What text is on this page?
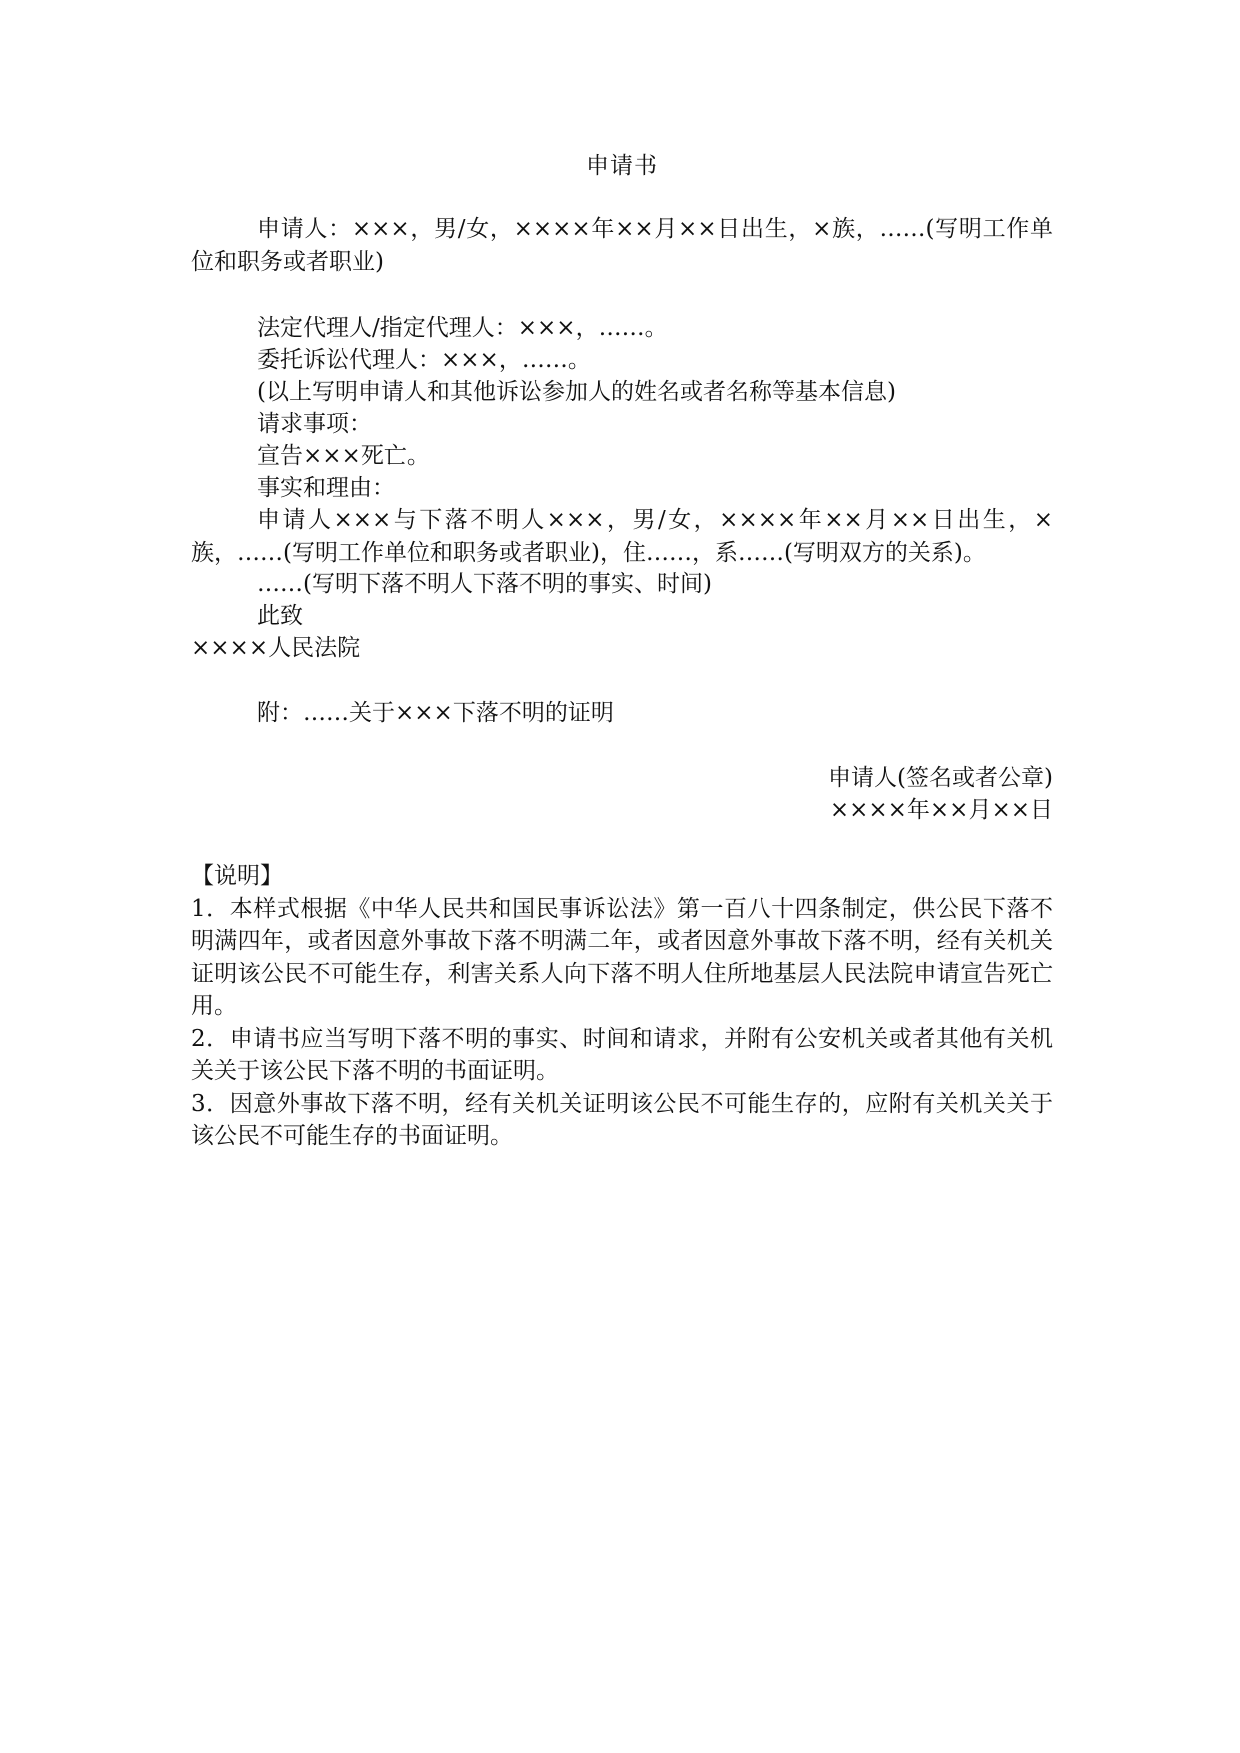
申请书

申请人：×××，男/女，××××年××月××日出生，×族，……(写明工作单位和职务或者职业)

法定代理人/指定代理人：×××，……。
委托诉讼代理人：×××，……。
(以上写明申请人和其他诉讼参加人的姓名或者名称等基本信息)
请求事项：
宣告×××死亡。
事实和理由：

申请人×××与下落不明人×××，男/女，××××年××月××日出生，×族，……(写明工作单位和职务或者职业)，住……，系……(写明双方的关系)。

……(写明下落不明人下落不明的事实、时间)
此致
××××人民法院
附：……关于×××下落不明的证明
申请人(签名或者公章)
××××年××月××日

【说明】

1．本样式根据《中华人民共和国民事诉讼法》第一百八十四条制定，供公民下落不明满四年，或者因意外事故下落不明满二年，或者因意外事故下落不明，经有关机关证明该公民不可能生存，利害关系人向下落不明人住所地基层人民法院申请宣告死亡用。

2．申请书应当写明下落不明的事实、时间和请求，并附有公安机关或者其他有关机关关于该公民下落不明的书面证明。

3．因意外事故下落不明，经有关机关证明该公民不可能生存的，应附有关机关关于该公民不可能生存的书面证明。
